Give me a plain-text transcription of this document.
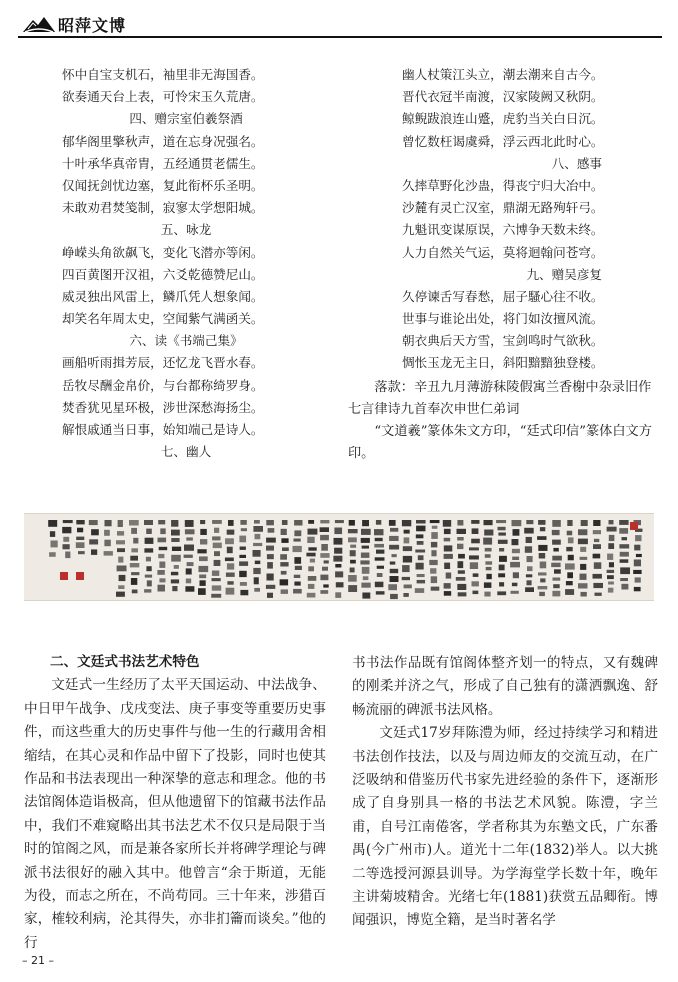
昭萍文博
怀中自宝支机石，袖里非无海国香。
欲奏通天台上表，可怜宋玉久荒唐。
四、赠宗室伯羲祭酒
郁华阁里擎秋声，道在忘身况强名。
十叶承华真帝胄，五经通贯老儒生。
仅闻抚剑忧边塞，复此衔杯乐圣明。
未敢劝君焚笺制，寂寥太学想阳城。
五、咏龙
峥嵘头角欲飙飞，变化飞潜亦等闲。
四百黄图开汉祖，六爻乾德赞尼山。
威灵独出风雷上，鳞爪凭人想象闻。
却笑名年周太史，空闻紫气满函关。
六、读《书端己集》
画船听雨揖芳辰，还忆龙飞晋水春。
岳牧尽酬金帛价，与台都称绮罗身。
焚香犹见星环极，涉世深愁海扬尘。
解恨戚通当日事，始知端己是诗人。
七、幽人
幽人杖策江头立，潮去潮来自古今。
晋代衣冠半南渡，汉家陵阙又秋阴。
鲸鲵跋浪连山蹙，虎豹当关白日沉。
曾忆数枉谒虞舜，浮云西北此时心。
八、感事
久摔草野化沙蛊，得丧宁归大冶中。
沙麓有灵亡汉室，鼎湖无路殉轩弓。
九魁讯变谋原误，六博争天数未终。
人力自然关气运，莫将迴翰问苍穹。
九、赠吴彦复
久停谏舌写春愁，屈子騷心往不收。
世事与谁论出处，将门如汝擅风流。
朝衣典后天方雪，宝剑鸣时气欲秋。
惆怅玉龙无主日，斜阳黯黯独登楼。
落款：辛丑九月薄游秣陵假寓兰香榭中杂录旧作七言律诗九首奉次申世仁弟词
“文道羲”篆体朱文方印，“廷式印信”篆体白文方印。
二、文廷式书法艺术特色

文廷式一生经历了太平天国运动、中法战争、中日甲午战争、戊戌变法、庚子事变等重要历史事件，而这些重大的历史事件与他一生的行藏用舍相缩结，在其心灵和作品中留下了投影，同时也使其作品和书法表现出一种深挚的意志和理念。他的书法馆阁体造诣极高，但从他遗留下的馆藏书法作品中，我们不难窥略出其书法艺术不仅只是局限于当时的馆阁之风，而是兼各家所长并将碑学理论与碑派书法很好的融入其中。他曾言“余于斯道，无能为役，而志之所在，不尚苟同。三十年来，涉猎百家，榷较利病，沦其得失，亦非扪籥而谈矣。”他的行

书书法作品既有馆阁体整齐划一的特点，又有魏碑的刚柔并济之气，形成了自己独有的潇洒飘逸、舒畅流丽的碑派书法风格。

文廷式17岁拜陈澧为师，经过持续学习和精进书法创作技法，以及与周边师友的交流互动，在广泛吸纳和借鉴历代书家先进经验的条件下，逐渐形成了自身别具一格的书法艺术风貌。陈澧，字兰甫，自号江南倦客，学者称其为东塾文氏，广东番禺(今广州市)人。道光十二年(1832)举人。以大挑二等选授河源县训导。为学海堂学长数十年，晚年主讲菊坡精舍。光绪七年(1881)获赏五品卿衔。博闻强识，博览全籍，是当时著名学

– 21 –
